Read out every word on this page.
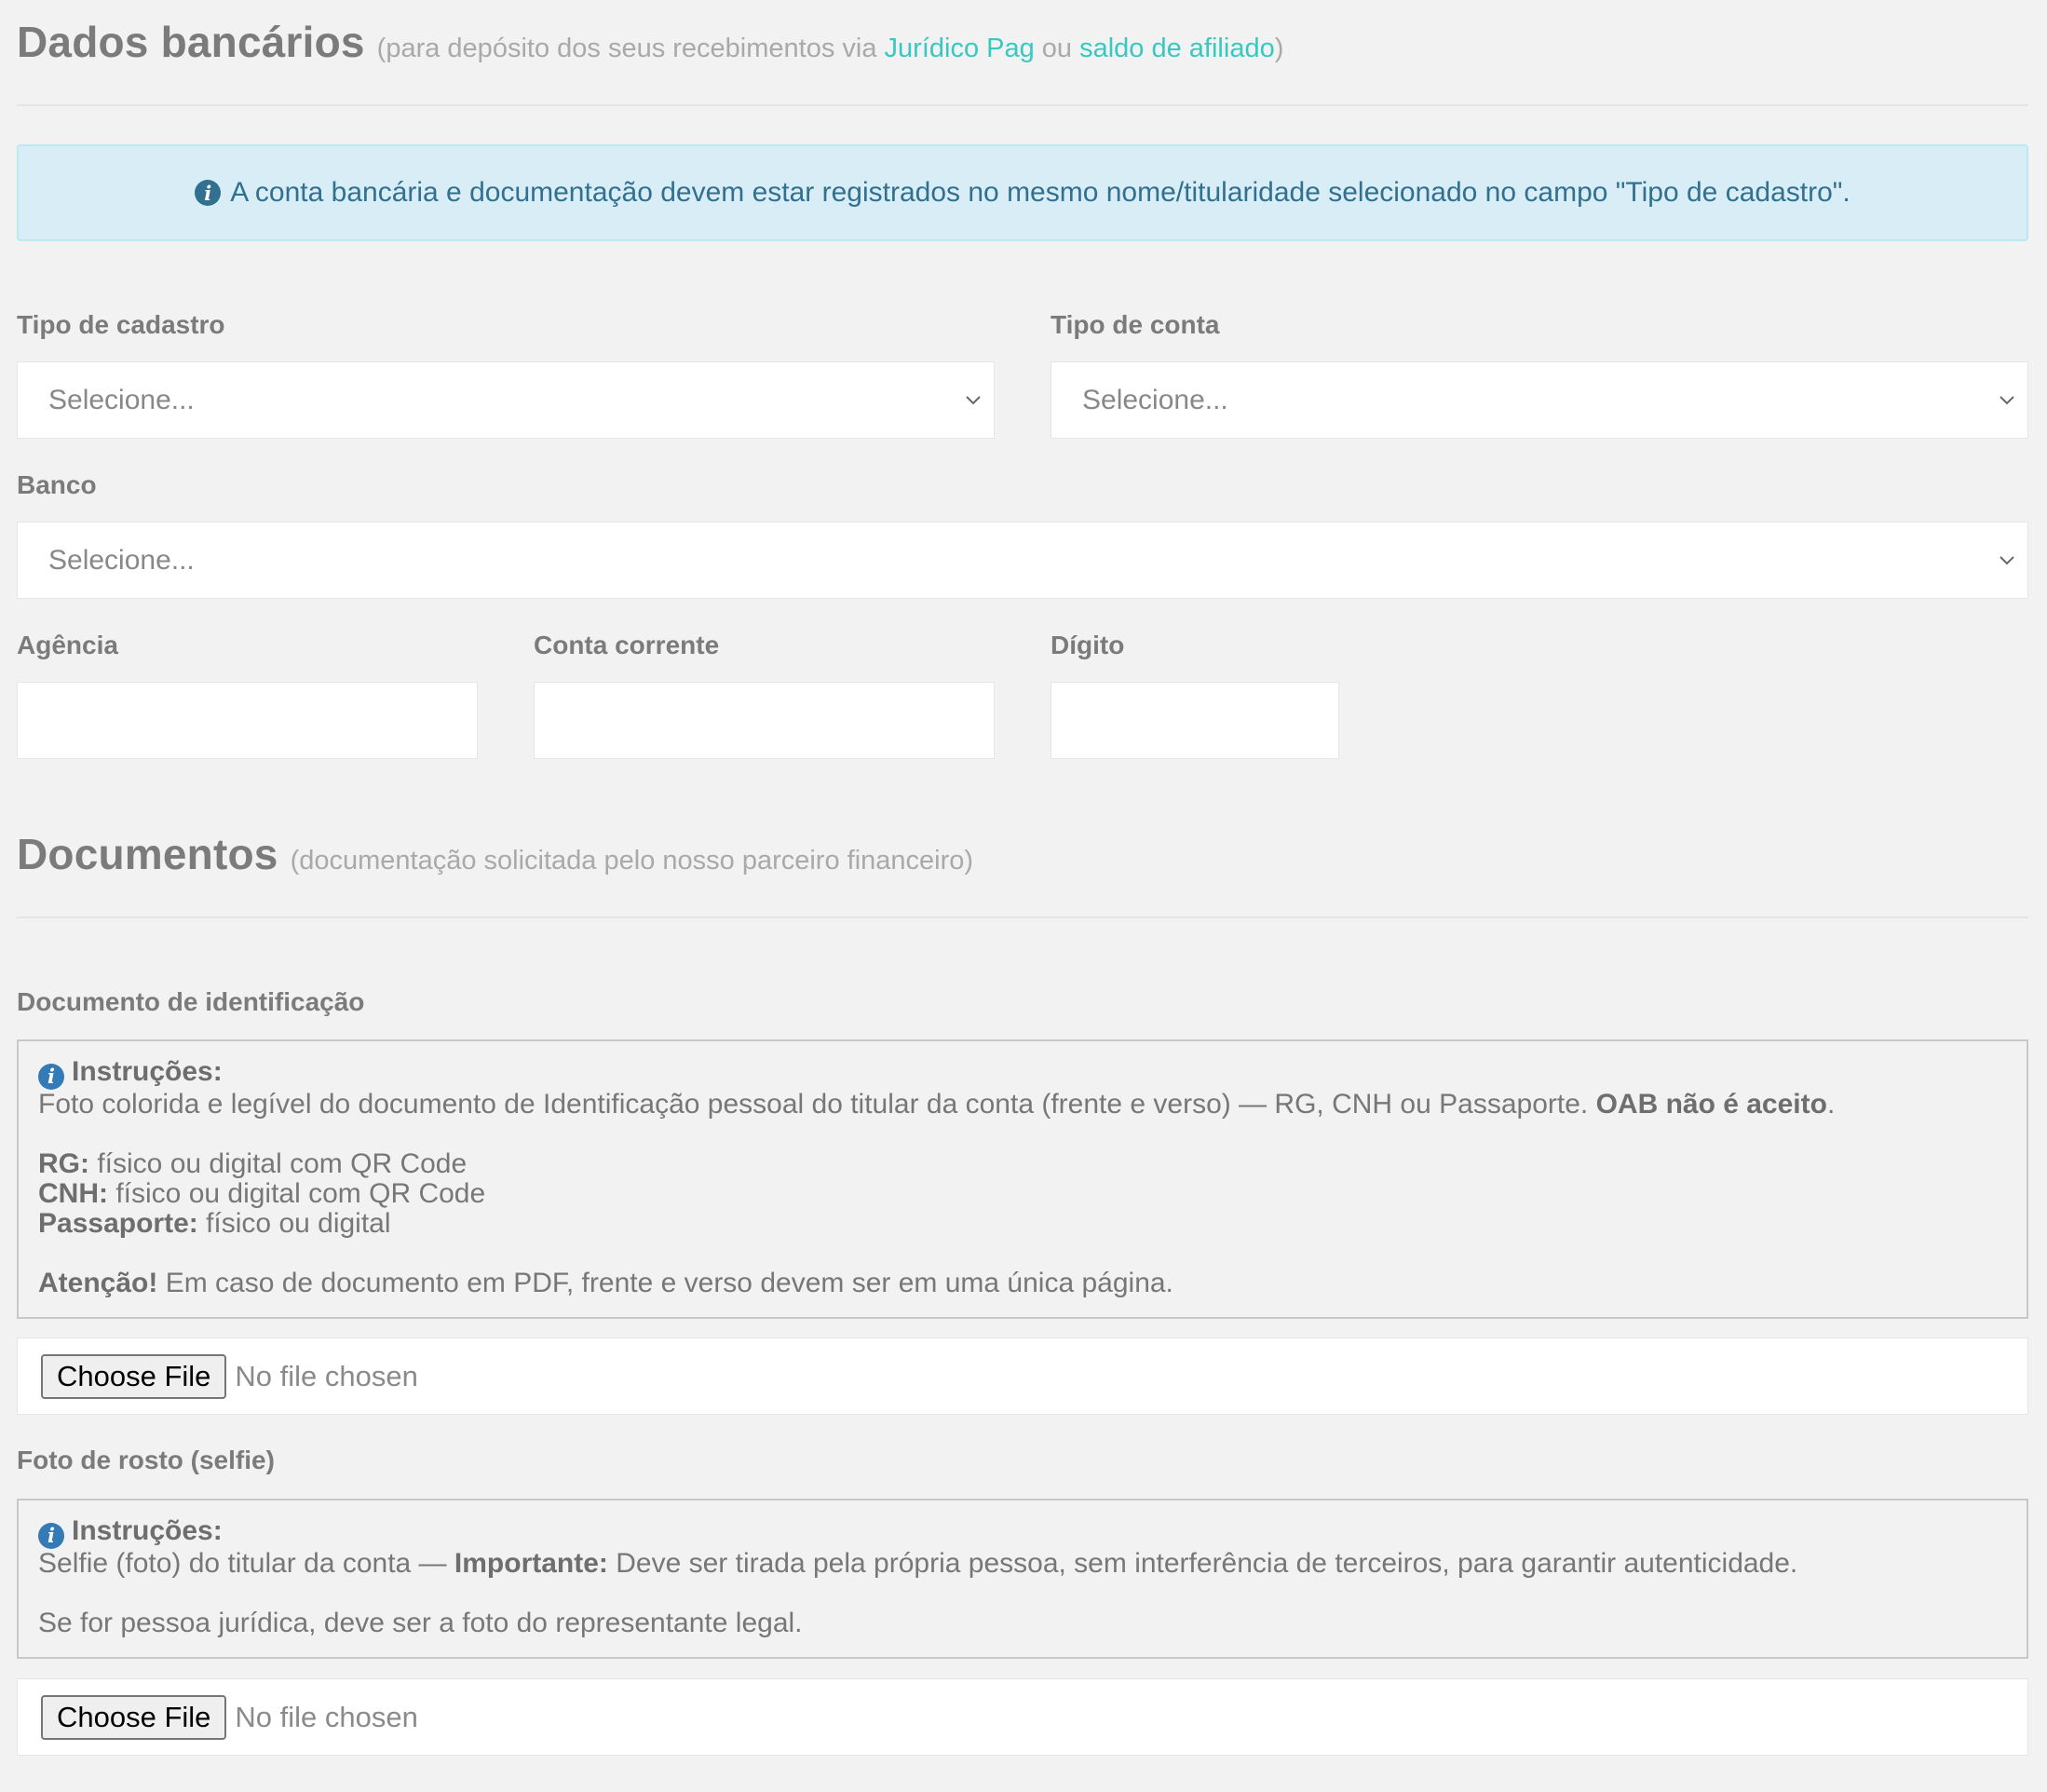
Dados bancários (para depósito dos seus recebimentos via Jurídico Pag ou saldo de afiliado)
i A conta bancária e documentação devem estar registrados no mesmo nome/titularidade selecionado no campo "Tipo de cadastro".
Tipo de cadastro
Selecione...
Tipo de conta
Selecione...
Banco
Selecione...
Agência	Conta corrente	Dígito
Documentos (documentação solicitada pelo nosso parceiro financeiro)
Documento de identificação
i Instruções:
Foto colorida e legível do documento de Identificação pessoal do titular da conta (frente e verso) — RG, CNH ou Passaporte. OAB não é aceito.
RG: físico ou digital com QR Code
CNH: físico ou digital com QR Code
Passaporte: físico ou digital
Atenção! Em caso de documento em PDF, frente e verso devem ser em uma única página.
Choose File No file chosen
Foto de rosto (selfie)
i Instruções:
Selfie (foto) do titular da conta — Importante: Deve ser tirada pela própria pessoa, sem interferência de terceiros, para garantir autenticidade.
Se for pessoa jurídica, deve ser a foto do representante legal.
Choose File No file chosen
